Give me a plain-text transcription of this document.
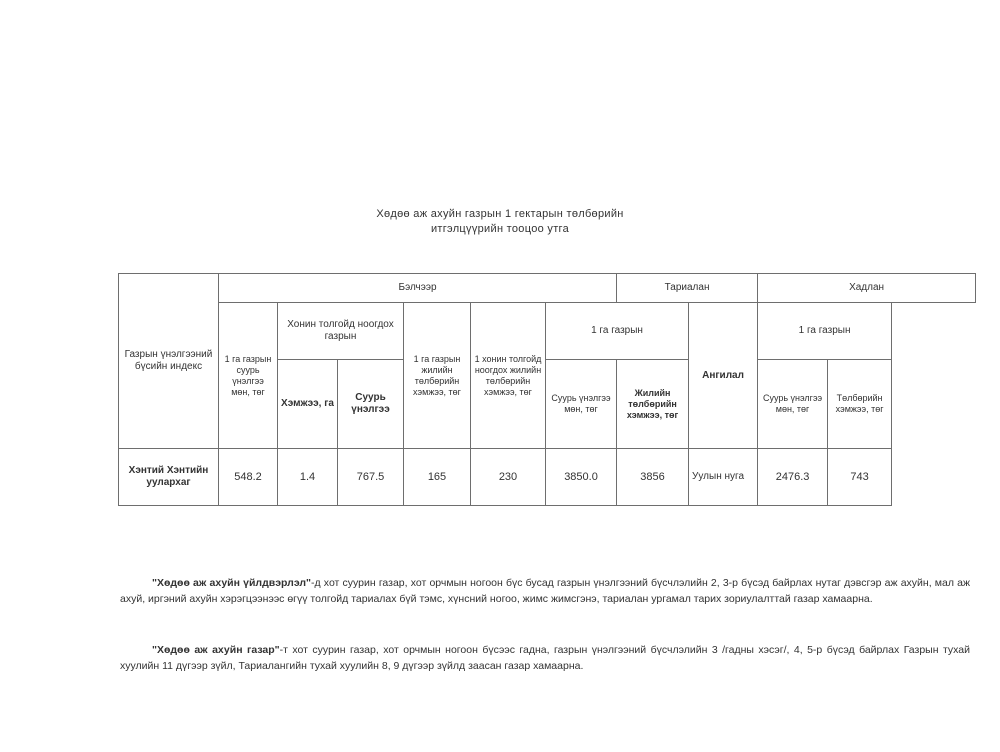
Хөдөө аж ахуйн газрын 1 гектарын төлбөрийн
итгэлцүүрийн тооцоо утга
Газрын үнэлгээний бүсийн индекс	Бэлчээр						Тариалан		Хадлан	
	1 га газрын суурь үнэлгээ мөн, төг	Хонин толгойд ноогдох газрын		1 га газрын жилийн төлбөрийн хэмжээ, төг	1 хонин толгойд ноогдох жилийн төлбөрийн хэмжээ, төг	1 га газрын		Ангилал	1 га газрын	
		Хэмжээ, га	Суурь үнэлгээ			Суурь үнэлгээ мөн, төг	Жилийн төлбөрийн хэмжээ, төг		Суурь үнэлгээ мөн, төг	Төлбөрийн хэмжээ, төг
Хэнтий Хэнтийн уулархаг	548.2	1.4	767.5	165	230	3850.0	3856	Уулын нуга	2476.3	743
"Хөдөө аж ахуйн үйлдвэрлэл"-д хот суурин газар, хот орчмын ногоон бүс бусад газрын үнэлгээний бүсчлэлийн 2, 3-р бүсэд байрлах нутаг дэвсгэр аж ахуйн, мал аж ахуй, иргэний ахуйн хэрэгцээнээс өгүү толгойд тариалах бүй тэмс, хүнсний ногоо, жимс жимсгэнэ, тариалан ургамал тарих зориулалттай газар хамаарна.
"Хөдөө аж ахуйн газар"-т хот суурин газар, хот орчмын ногоон бүсээс гадна, газрын үнэлгээний бүсчлэлийн 3 /гадны хэсэг/, 4, 5-р бүсэд байрлах Газрын тухай хуулийн 11 дүгээр зүйл, Тариалангийн тухай хуулийн 8, 9 дүгээр зүйлд заасан газар хамаарна.
